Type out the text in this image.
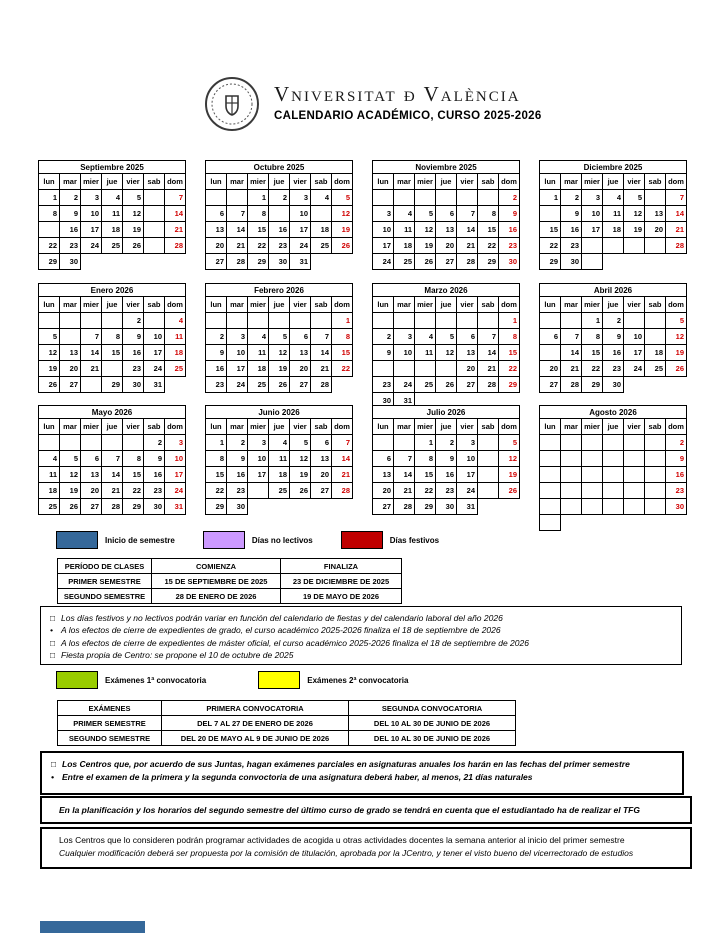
Vniversitat đ València
CALENDARIO ACADÉMICO, CURSO 2025-2026
Septiembre 2025						
lun	mar	mier	jue	vier	sab	dom
1	2	3	4	5	6	7
8	9	10	11	12	13	14
15	16	17	18	19	20	21
22	23	24	25	26	27	28
29	30					
Octubre 2025						
lun	mar	mier	jue	vier	sab	dom
		1	2	3	4	5
6	7	8	9	10	11	12
13	14	15	16	17	18	19
20	21	22	23	24	25	26
27	28	29	30	31		
Noviembre 2025						
lun	mar	mier	jue	vier	sab	dom
					1	2
3	4	5	6	7	8	9
10	11	12	13	14	15	16
17	18	19	20	21	22	23
24	25	26	27	28	29	30
Diciembre 2025						
lun	mar	mier	jue	vier	sab	dom
1	2	3	4	5	6	7
8	9	10	11	12	13	14
15	16	17	18	19	20	21
22	23	24	25	26	27	28
29	30	31				
Enero 2026						
lun	mar	mier	jue	vier	sab	dom
			1	2	3	4
5	6	7	8	9	10	11
12	13	14	15	16	17	18
19	20	21	22	23	24	25
26	27	28	29	30	31	
Febrero 2026						
lun	mar	mier	jue	vier	sab	dom
						1
2	3	4	5	6	7	8
9	10	11	12	13	14	15
16	17	18	19	20	21	22
23	24	25	26	27	28	
Marzo 2026						
lun	mar	mier	jue	vier	sab	dom
						1
2	3	4	5	6	7	8
9	10	11	12	13	14	15
16	17	18	19	20	21	22
23	24	25	26	27	28	29
30	31					
Abril 2026						
lun	mar	mier	jue	vier	sab	dom
		1	2	3	4	5
6	7	8	9	10	11	12
13	14	15	16	17	18	19
20	21	22	23	24	25	26
27	28	29	30			
Mayo 2026						
lun	mar	mier	jue	vier	sab	dom
				1	2	3
4	5	6	7	8	9	10
11	12	13	14	15	16	17
18	19	20	21	22	23	24
25	26	27	28	29	30	31
Junio 2026						
lun	mar	mier	jue	vier	sab	dom
1	2	3	4	5	6	7
8	9	10	11	12	13	14
15	16	17	18	19	20	21
22	23	24	25	26	27	28
29	30					
Julio 2026						
lun	mar	mier	jue	vier	sab	dom
		1	2	3	4	5
6	7	8	9	10	11	12
13	14	15	16	17	18	19
20	21	22	23	24	25	26
27	28	29	30	31		
Agosto 2026						
lun	mar	mier	jue	vier	sab	dom
					1	2
3	4	5	6	7	8	9
10	11	12	13	14	15	16
17	18	19	20	21	22	23
24	25	26	27	28	29	30
31						
Inicio de semestre	Días no lectivos	Días festivos
PERÍODO DE CLASES	COMIENZA	FINALIZA
PRIMER SEMESTRE	15 DE SEPTIEMBRE DE 2025	23 DE DICIEMBRE DE 2025
SEGUNDO SEMESTRE	28 DE ENERO DE 2026	19 DE MAYO DE 2026
□ Los días festivos y no lectivos podrán variar en función del calendario de fiestas y del calendario laboral del año 2026
• A los efectos de cierre de expedientes de grado, el curso académico 2025-2026 finaliza el 18 de septiembre de 2026
□ A los efectos de cierre de expedientes de máster oficial, el curso académico 2025-2026 finaliza el 18 de septiembre de 2026
□ Fiesta propia de Centro: se propone el 10 de octubre de 2025
Exámenes 1ª convocatoria	Exámenes 2ª convocatoria
EXÁMENES	PRIMERA CONVOCATORIA	SEGUNDA CONVOCATORIA
PRIMER SEMESTRE	DEL 7 AL 27 DE ENERO DE 2026	DEL 10 AL 30 DE JUNIO DE 2026
SEGUNDO SEMESTRE	DEL 20 DE MAYO AL 9 DE JUNIO DE 2026	DEL 10 AL 30 DE JUNIO DE 2026
□ Los Centros que, por acuerdo de sus Juntas, hagan exámenes parciales en asignaturas anuales los harán en las fechas del primer semestre
• Entre el examen de la primera y la segunda convoctoria de una asignatura deberá haber, al menos, 21 días naturales
En la planificación y los horarios del segundo semestre del último curso de grado se tendrá en cuenta que el estudiantado ha de realizar el TFG
Los Centros que lo consideren podrán programar actividades de acogida u otras actividades docentes la semana anterior al inicio del primer semestre
Cualquier modificación deberá ser propuesta por la comisión de titulación, aprobada por la JCentro, y tener el visto bueno del vicerrectorado de estudios
